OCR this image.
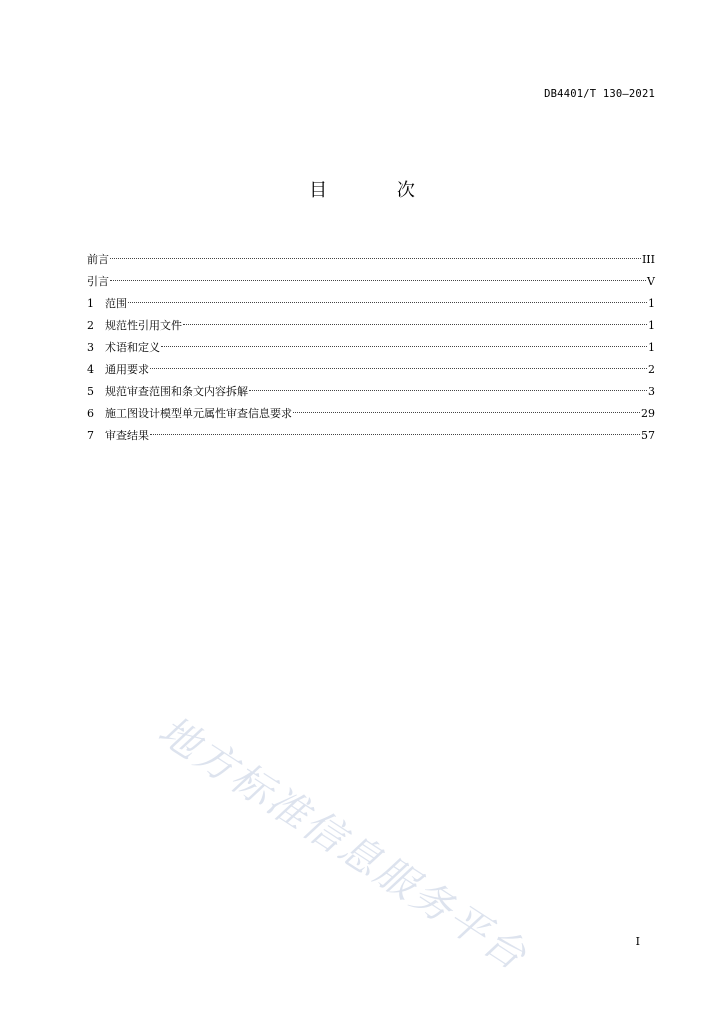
DB4401/T 130—2021
目 次
前言	III
引言	V
1	范围	1
2	规范性引用文件	1
3	术语和定义	1
4	通用要求	2
5	规范审查范围和条文内容拆解	3
6	施工图设计模型单元属性审查信息要求	29
7	审查结果	57
地方标准信息服务平台	I
